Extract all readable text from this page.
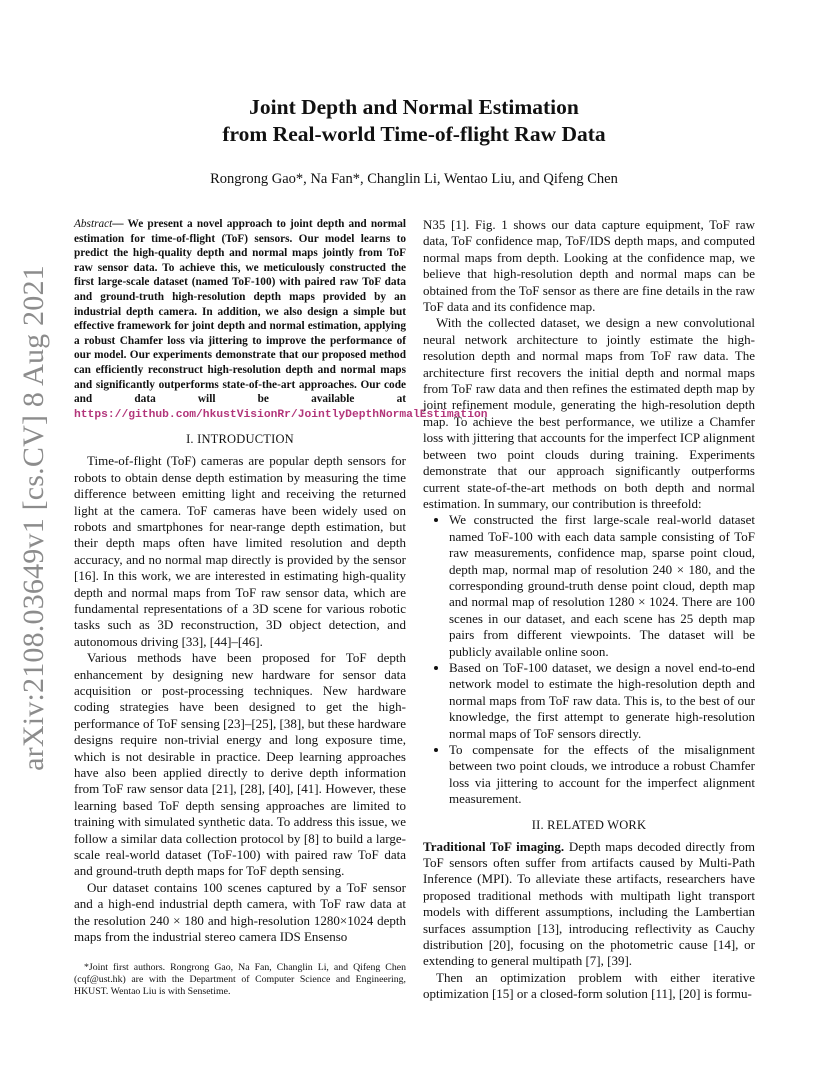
arXiv:2108.03649v1 [cs.CV] 8 Aug 2021
Joint Depth and Normal Estimation
from Real-world Time-of-flight Raw Data
Rongrong Gao*, Na Fan*, Changlin Li, Wentao Liu, and Qifeng Chen

Abstract— We present a novel approach to joint depth and normal estimation for time-of-flight (ToF) sensors. Our model learns to predict the high-quality depth and normal maps jointly from ToF raw sensor data. To achieve this, we meticulously constructed the first large-scale dataset (named ToF-100) with paired raw ToF data and ground-truth high-resolution depth maps provided by an industrial depth camera. In addition, we also design a simple but effective framework for joint depth and normal estimation, applying a robust Chamfer loss via jittering to improve the performance of our model. Our experiments demonstrate that our proposed method can efficiently reconstruct high-resolution depth and normal maps and significantly outperforms state-of-the-art approaches. Our code and data will be available at https://github.com/hkustVisionRr/JointlyDepthNormalEstimation

I. INTRODUCTION

Time-of-flight (ToF) cameras are popular depth sensors for robots to obtain dense depth estimation by measuring the time difference between emitting light and receiving the returned light at the camera. ToF cameras have been widely used on robots and smartphones for near-range depth estimation, but their depth maps often have limited resolution and depth accuracy, and no normal map directly is provided by the sensor [16]. In this work, we are interested in estimating high-quality depth and normal maps from ToF raw sensor data, which are fundamental representations of a 3D scene for various robotic tasks such as 3D reconstruction, 3D object detection, and autonomous driving [33], [44]–[46].

Various methods have been proposed for ToF depth enhancement by designing new hardware for sensor data acquisition or post-processing techniques. New hardware coding strategies have been designed to get the high-performance of ToF sensing [23]–[25], [38], but these hardware designs require non-trivial energy and long exposure time, which is not desirable in practice. Deep learning approaches have also been applied directly to derive depth information from ToF raw sensor data [21], [28], [40], [41]. However, these learning based ToF depth sensing approaches are limited to training with simulated synthetic data. To address this issue, we follow a similar data collection protocol by [8] to build a large-scale real-world dataset (ToF-100) with paired raw ToF data and ground-truth depth maps for ToF depth sensing.

Our dataset contains 100 scenes captured by a ToF sensor and a high-end industrial depth camera, with ToF raw data at the resolution 240 × 180 and high-resolution 1280×1024 depth maps from the industrial stereo camera IDS Ensenso

*Joint first authors. Rongrong Gao, Na Fan, Changlin Li, and Qifeng Chen (cqf@ust.hk) are with the Department of Computer Science and Engineering, HKUST. Wentao Liu is with Sensetime.

N35 [1]. Fig. 1 shows our data capture equipment, ToF raw data, ToF confidence map, ToF/IDS depth maps, and computed normal maps from depth. Looking at the confidence map, we believe that high-resolution depth and normal maps can be obtained from the ToF sensor as there are fine details in the raw ToF data and its confidence map.

With the collected dataset, we design a new convolutional neural network architecture to jointly estimate the high-resolution depth and normal maps from ToF raw data. The architecture first recovers the initial depth and normal maps from ToF raw data and then refines the estimated depth map by joint refinement module, generating the high-resolution depth map. To achieve the best performance, we utilize a Chamfer loss with jittering that accounts for the imperfect ICP alignment between two point clouds during training. Experiments demonstrate that our approach significantly outperforms current state-of-the-art methods on both depth and normal estimation. In summary, our contribution is threefold:

• We constructed the first large-scale real-world dataset named ToF-100 with each data sample consisting of ToF raw measurements, confidence map, sparse point cloud, depth map, normal map of resolution 240 × 180, and the corresponding ground-truth dense point cloud, depth map and normal map of resolution 1280 × 1024. There are 100 scenes in our dataset, and each scene has 25 depth map pairs from different viewpoints. The dataset will be publicly available online soon.
• Based on ToF-100 dataset, we design a novel end-to-end network model to estimate the high-resolution depth and normal maps from ToF raw data. This is, to the best of our knowledge, the first attempt to generate high-resolution normal maps of ToF sensors directly.
• To compensate for the effects of the misalignment between two point clouds, we introduce a robust Chamfer loss via jittering to account for the imperfect alignment measurement.
II. RELATED WORK

Traditional ToF imaging. Depth maps decoded directly from ToF sensors often suffer from artifacts caused by Multi-Path Inference (MPI). To alleviate these artifacts, researchers have proposed traditional methods with multipath light transport models with different assumptions, including the Lambertian surfaces assumption [13], introducing reflectivity as Cauchy distribution [20], focusing on the photometric cause [14], or extending to general multipath [7], [39].

Then an optimization problem with either iterative optimization [15] or a closed-form solution [11], [20] is formu-
